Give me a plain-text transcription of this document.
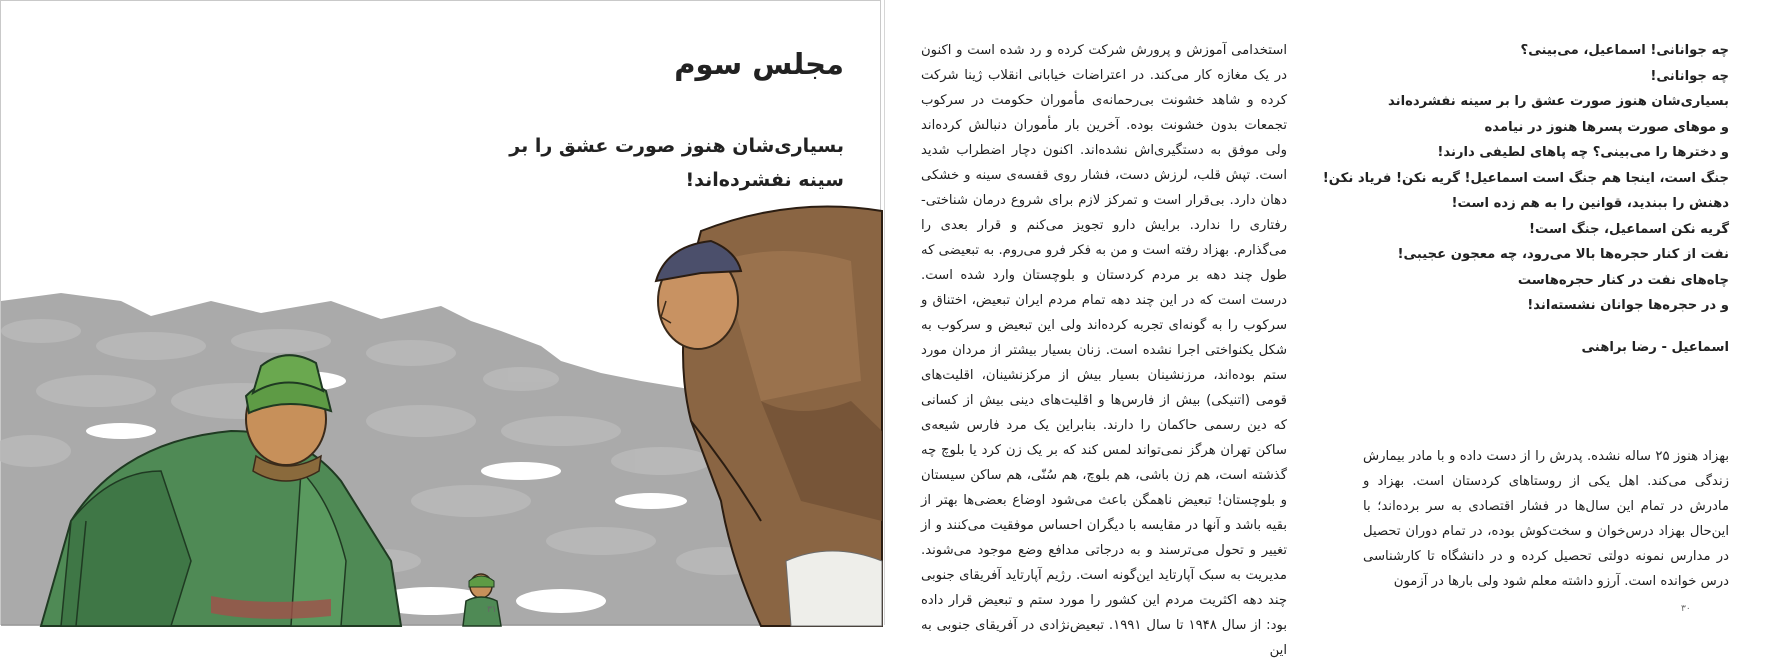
مجلس سوم
بسیاری‌شان هنوز صورت عشق را بر سینه نفشرده‌اند!
۳۱

استخدامی آموزش و پرورش شرکت کرده و رد شده است و اکنون در یک مغازه کار می‌کند. در اعتراضات خیابانی انقلاب ژینا شرکت کرده و شاهد خشونت بی‌رحمانه‌ی مأموران حکومت در سرکوب تجمعات بدون خشونت بوده. آخرین بار مأموران دنبالش کرده‌اند ولی موفق به دستگیری‌اش نشده‌اند. اکنون دچار اضطراب شدید است. تپش قلب، لرزش دست، فشار روی قفسه‌ی سینه و خشکی دهان دارد. بی‌قرار است و تمرکز لازم برای شروع درمان شناختی-رفتاری را ندارد. برایش دارو تجویز می‌کنم و قرار بعدی را می‌گذارم. بهزاد رفته است و من به فکر فرو می‌روم. به تبعیضی که طول چند دهه بر مردم کردستان و بلوچستان وارد شده است. درست است که در این چند دهه تمام مردم ایران تبعیض، اختناق و سرکوب را به گونه‌ای تجربه کرده‌اند ولی این تبعیض و سرکوب به شکل یکنواختی اجرا نشده است. زنان بسیار بیشتر از مردان مورد ستم بوده‌اند، مرزنشینان بسیار بیش از مرکزنشینان، اقلیت‌های قومی (اتنیکی) بیش از فارس‌ها و اقلیت‌های دینی بیش از کسانی که دین رسمی حاکمان را دارند. بنابراین یک مرد فارس شیعه‌ی ساکن تهران هرگز نمی‌تواند لمس کند که بر یک زن کرد یا بلوچ چه گذشته است، هم زن باشی، هم بلوچ، هم سُنّی، هم ساکن سیستان و بلوچستان! تبعیض ناهمگن باعث می‌شود اوضاع بعضی‌ها بهتر از بقیه باشد و آنها در مقایسه با دیگران احساس موفقیت می‌کنند و از تغییر و تحول می‌ترسند و به درجاتی مدافع وضع موجود می‌شوند. مدیریت به سبک آپارتاید این‌گونه است. رژیم آپارتاید آفریقای جنوبی چند دهه اکثریت مردم این کشور را مورد ستم و تبعیض قرار داده بود: از سال ۱۹۴۸ تا سال ۱۹۹۱. تبعیض‌نژادی در آفریقای جنوبی به این

چه جوانانی! اسماعیل، می‌بینی؟
چه جوانانی!
بسیاری‌شان هنوز صورت عشق را بر سینه نفشرده‌اند
و موهای صورت پسرها هنوز در نیامده
و دخترها را می‌بینی؟ چه پاهای لطیفی دارند!
جنگ است، اینجا هم جنگ است اسماعیل! گریه نکن! فریاد نکن!
دهنش را ببندید، قوانین را به هم زده است!
گریه نکن اسماعیل، جنگ است!
نفت از کنار حجره‌ها بالا می‌رود، چه معجون عجیبی!
چاه‌های نفت در کنار حجره‌هاست
و در حجره‌ها جوانان نشسته‌اند!
اسماعیل - رضا براهنی

بهزاد هنوز ۲۵ ساله نشده. پدرش را از دست داده و با مادر بیمارش زندگی می‌کند. اهل یکی از روستاهای کردستان است. بهزاد و مادرش در تمام این سال‌ها در فشار اقتصادی به سر برده‌اند؛ با این‌حال بهزاد درس‌خوان و سخت‌کوش بوده، در تمام دوران تحصیل در مدارس نمونه دولتی تحصیل کرده و در دانشگاه تا کارشناسی درس خوانده است. آرزو داشته معلم شود ولی بارها در آزمون

۳۰
